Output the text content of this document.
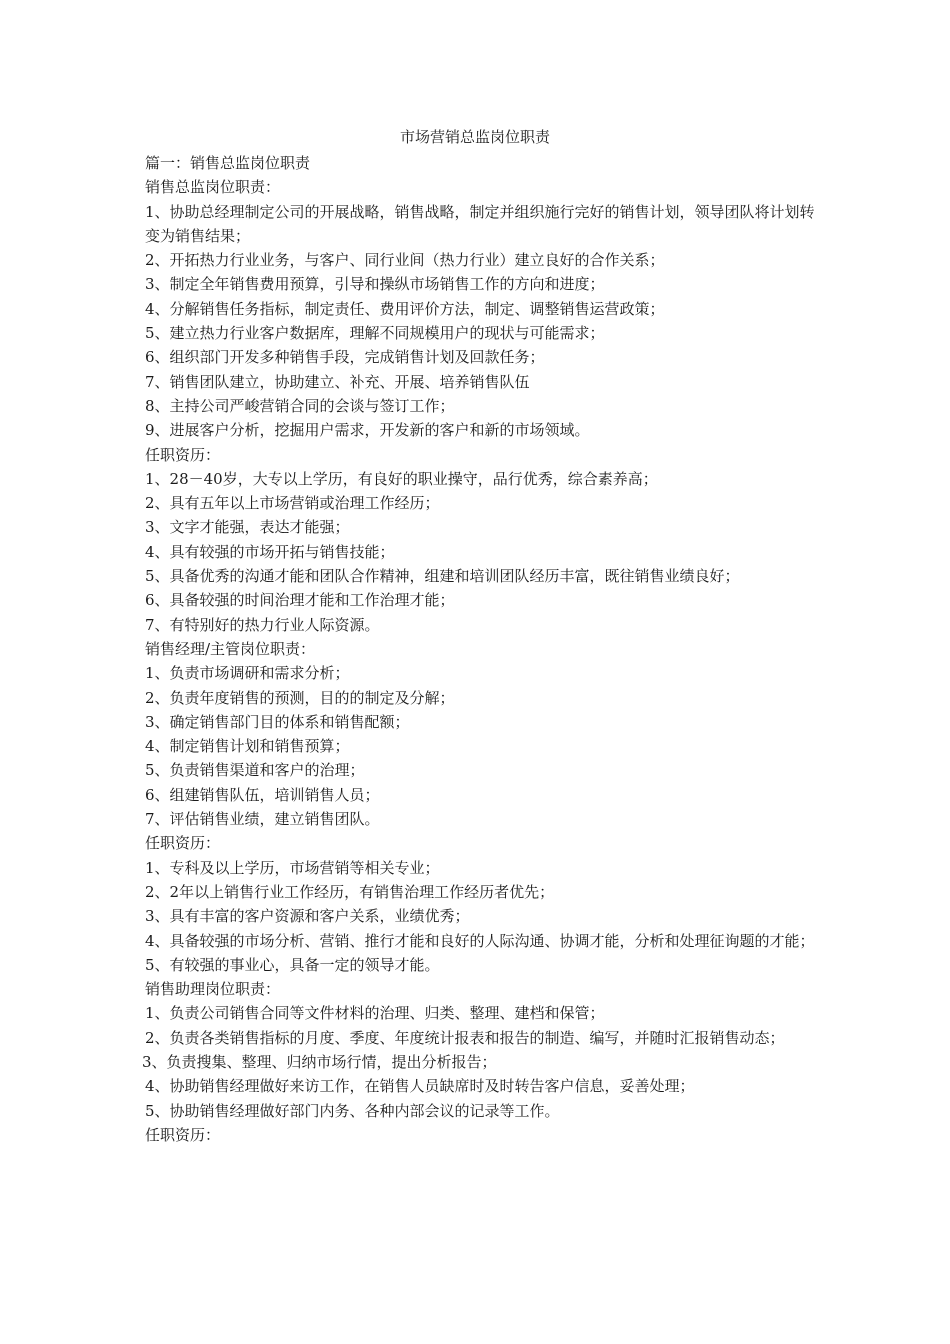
市场营销总监岗位职责
篇一：销售总监岗位职责
销售总监岗位职责：
1、协助总经理制定公司的开展战略，销售战略，制定并组织施行完好的销售计划，领导团队将计划转变为销售结果；
2、开拓热力行业业务，与客户、同行业间（热力行业）建立良好的合作关系；
3、制定全年销售费用预算，引导和操纵市场销售工作的方向和进度；
4、分解销售任务指标，制定责任、费用评价方法，制定、调整销售运营政策；
5、建立热力行业客户数据库，理解不同规模用户的现状与可能需求；
6、组织部门开发多种销售手段，完成销售计划及回款任务；
7、销售团队建立，协助建立、补充、开展、培养销售队伍
8、主持公司严峻营销合同的会谈与签订工作；
9、进展客户分析，挖掘用户需求，开发新的客户和新的市场领域。
任职资历：
1、28－40岁，大专以上学历，有良好的职业操守，品行优秀，综合素养高；
2、具有五年以上市场营销或治理工作经历；
3、文字才能强，表达才能强；
4、具有较强的市场开拓与销售技能；
5、具备优秀的沟通才能和团队合作精神，组建和培训团队经历丰富，既往销售业绩良好；
6、具备较强的时间治理才能和工作治理才能；
7、有特别好的热力行业人际资源。
销售经理/主管岗位职责：
1、负责市场调研和需求分析；
2、负责年度销售的预测，目的的制定及分解；
3、确定销售部门目的体系和销售配额；
4、制定销售计划和销售预算；
5、负责销售渠道和客户的治理；
6、组建销售队伍，培训销售人员；
7、评估销售业绩，建立销售团队。
任职资历：
1、专科及以上学历，市场营销等相关专业；
2、2年以上销售行业工作经历，有销售治理工作经历者优先；
3、具有丰富的客户资源和客户关系，业绩优秀；
4、具备较强的市场分析、营销、推行才能和良好的人际沟通、协调才能，分析和处理征询题的才能；
5、有较强的事业心，具备一定的领导才能。
销售助理岗位职责：
1、负责公司销售合同等文件材料的治理、归类、整理、建档和保管；
2、负责各类销售指标的月度、季度、年度统计报表和报告的制造、编写，并随时汇报销售动态；
3、负责搜集、整理、归纳市场行情，提出分析报告；
4、协助销售经理做好来访工作，在销售人员缺席时及时转告客户信息，妥善处理；
5、协助销售经理做好部门内务、各种内部会议的记录等工作。
任职资历：
